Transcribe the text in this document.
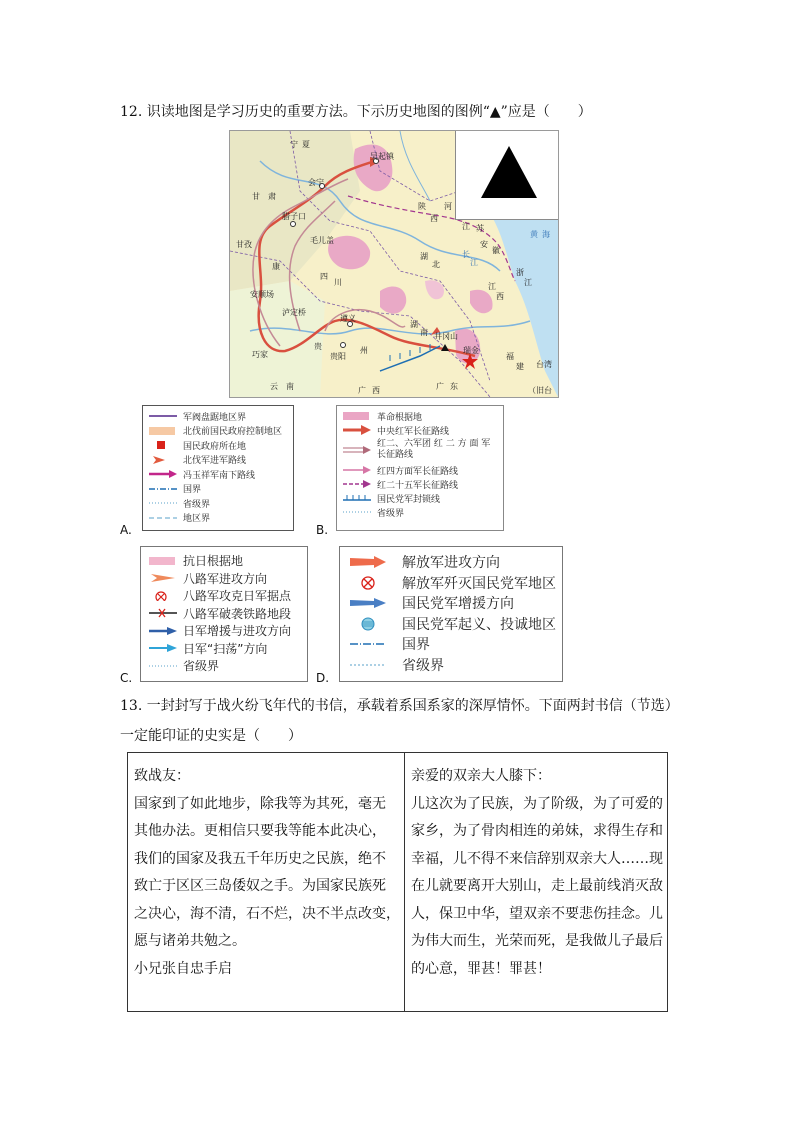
12. 识读地图是学习历史的重要方法。下示历史地图的图例“▲”应是（　　）
吴起镇
会宁
腊子口
毛儿盖
甘孜
安顺场
泸定桥
遵义
贵阳
井冈山
瑞金
巧家
宁 夏
甘 肃
陕
西
河
湖
北
四
川
湖
南
江
西
安
徽
江 苏
浙
江
福
建
广 东
广 西
云 南
贵	州
康
黄 海
长
江
台湾
（旧台
A.
军阀盘踞地区界
北伐前国民政府控制地区
国民政府所在地
北伐军进军路线
冯玉祥军南下路线
国界
省级界
地区界
B.
革命根据地
中央红军长征路线
红二、六军团 红 二 方 面 军 长征路线
红四方面军长征路线
红二十五军长征路线
国民党军封锁线
省级界
C.
抗日根据地
八路军进攻方向
八路军攻克日军据点
八路军破袭铁路地段
日军增援与进攻方向
日军“扫荡”方向
省级界
D.
解放军进攻方向
解放军歼灭国民党军地区
国民党军增援方向
国民党军起义、投诚地区
国界
省级界
13. 一封封写于战火纷飞年代的书信，承载着系国系家的深厚情怀。下面两封书信（节选）
一定能印证的史实是（　　）
致战友：
国家到了如此地步，除我等为其死，毫无
其他办法。更相信只要我等能本此决心，
我们的国家及我五千年历史之民族，绝不
致亡于区区三岛倭奴之手。为国家民族死
之决心，海不清，石不烂，决不半点改变，
愿与诸弟共勉之。
小兄张自忠手启

亲爱的双亲大人膝下：
儿这次为了民族，为了阶级，为了可爱的
家乡，为了骨肉相连的弟妹，求得生存和
幸福，儿不得不来信辞别双亲大人……现
在儿就要离开大别山，走上最前线消灭敌
人，保卫中华，望双亲不要悲伤挂念。儿
为伟大而生，光荣而死，是我做儿子最后
的心意，罪甚！罪甚！
